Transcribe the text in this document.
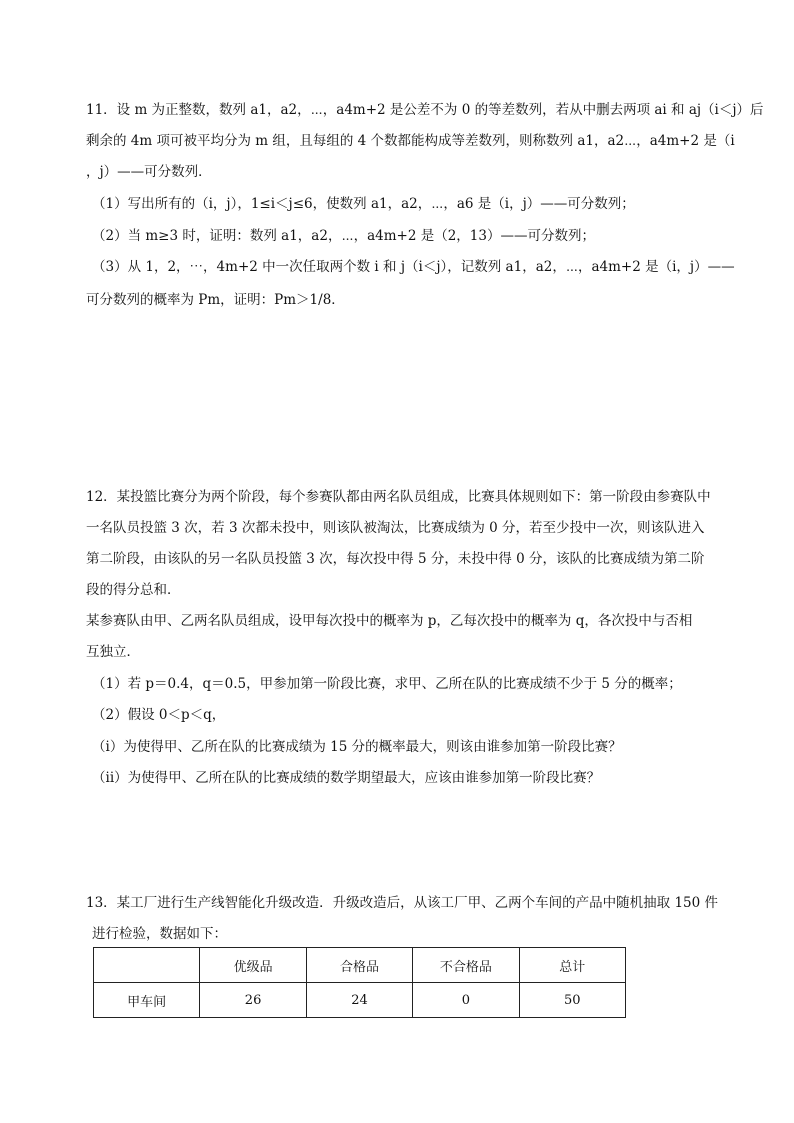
11．设 m 为正整数，数列 a1，a2，⋯，a4m+2 是公差不为 0 的等差数列，若从中删去两项 ai 和 aj（i＜j）后
剩余的 4m 项可被平均分为 m 组，且每组的 4 个数都能构成等差数列，则称数列 a1，a2⋯，a4m+2 是（i
，j）——可分数列．
（1）写出所有的（i，j），1≤i＜j≤6，使数列 a1，a2，⋯，a6 是（i，j）——可分数列；
（2）当 m≥3 时，证明：数列 a1，a2，⋯，a4m+2 是（2，13）——可分数列；
（3）从 1，2，⋯，4m+2 中一次任取两个数 i 和 j（i＜j），记数列 a1，a2，⋯，a4m+2 是（i，j）——
可分数列的概率为 Pm，证明：Pm＞1/8．
12．某投篮比赛分为两个阶段，每个参赛队都由两名队员组成，比赛具体规则如下：第一阶段由参赛队中
一名队员投篮 3 次，若 3 次都未投中，则该队被淘汰，比赛成绩为 0 分，若至少投中一次，则该队进入
第二阶段，由该队的另一名队员投篮 3 次，每次投中得 5 分，未投中得 0 分，该队的比赛成绩为第二阶
段的得分总和．
某参赛队由甲、乙两名队员组成，设甲每次投中的概率为 p，乙每次投中的概率为 q，各次投中与否相
互独立．
（1）若 p＝0.4，q＝0.5，甲参加第一阶段比赛，求甲、乙所在队的比赛成绩不少于 5 分的概率；
（2）假设 0＜p＜q，
（i）为使得甲、乙所在队的比赛成绩为 15 分的概率最大，则该由谁参加第一阶段比赛？
（ii）为使得甲、乙所在队的比赛成绩的数学期望最大，应该由谁参加第一阶段比赛？
13．某工厂进行生产线智能化升级改造．升级改造后，从该工厂甲、乙两个车间的产品中随机抽取 150 件
进行检验，数据如下：
	优级品	合格品	不合格品	总计
甲车间	26	24	0	50
